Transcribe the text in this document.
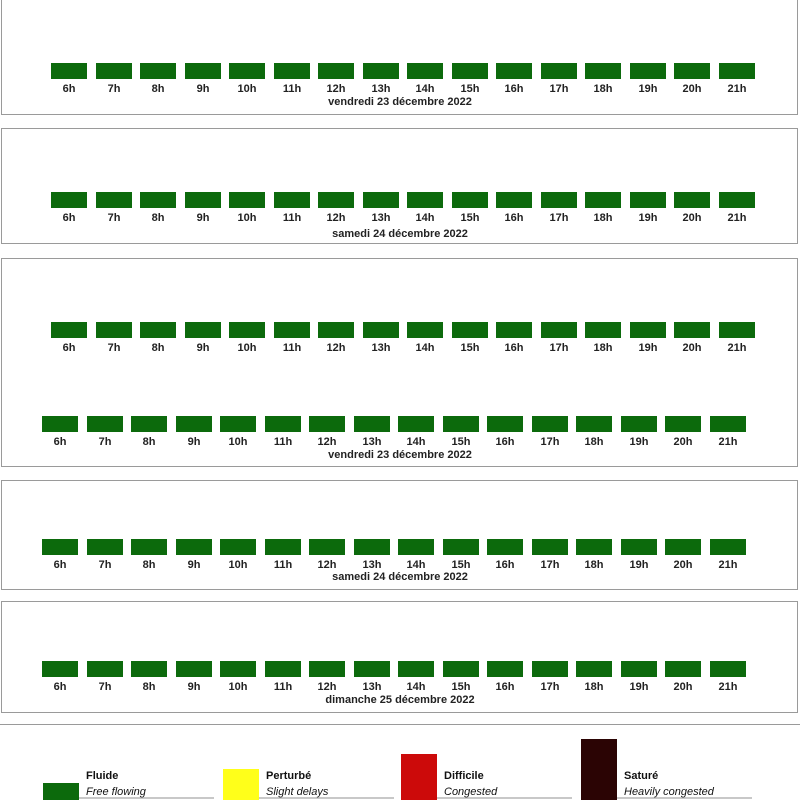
6h	7h	8h	9h	10h	11h	12h	13h	14h	15h	16h	17h	18h	19h	20h	21h
vendredi 23 décembre 2022
6h	7h	8h	9h	10h	11h	12h	13h	14h	15h	16h	17h	18h	19h	20h	21h
samedi 24 décembre 2022
6h	7h	8h	9h	10h	11h	12h	13h	14h	15h	16h	17h	18h	19h	20h	21h
6h	7h	8h	9h	10h	11h	12h	13h	14h	15h	16h	17h	18h	19h	20h	21h
vendredi 23 décembre 2022
6h	7h	8h	9h	10h	11h	12h	13h	14h	15h	16h	17h	18h	19h	20h	21h
samedi 24 décembre 2022
6h	7h	8h	9h	10h	11h	12h	13h	14h	15h	16h	17h	18h	19h	20h	21h
dimanche 25 décembre 2022
Fluide
Free flowing
Perturbé
Slight delays
Difficile
Congested
Saturé
Heavily congested
